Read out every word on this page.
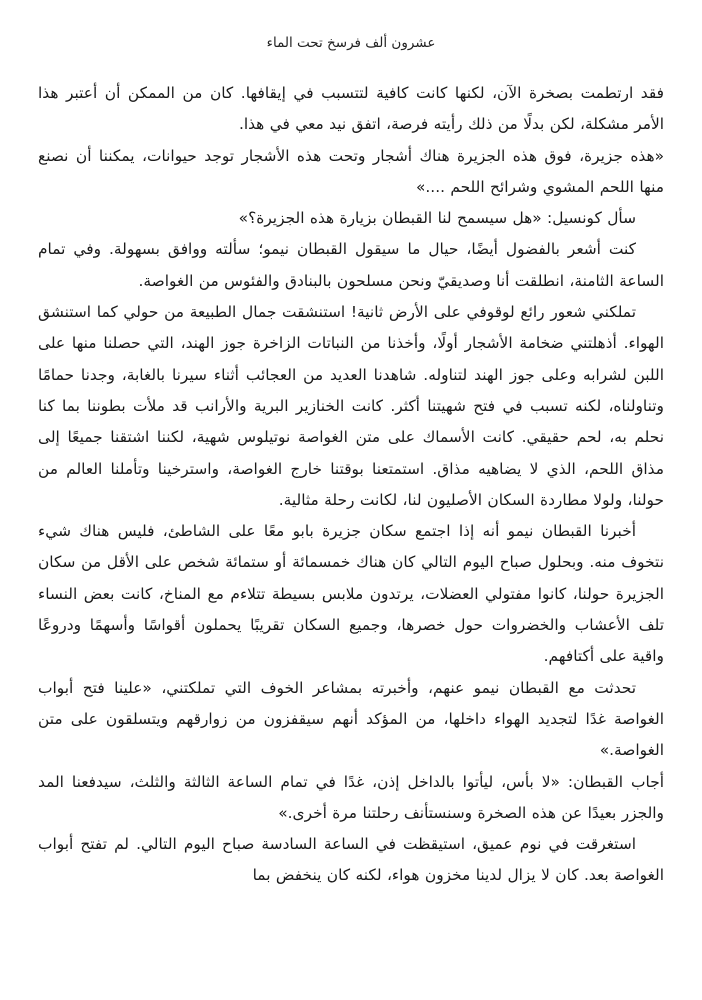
عشرون ألف فرسخ تحت الماء

فقد ارتطمت بصخرة الآن، لكنها كانت كافية لتتسبب في إيقافها. كان من الممكن أن أعتبر هذا الأمر مشكلة، لكن بدلًا من ذلك رأيته فرصة، اتفق نيد معي في هذا.

«هذه جزيرة، فوق هذه الجزيرة هناك أشجار وتحت هذه الأشجار توجد حيوانات، يمكننا أن نصنع منها اللحم المشوي وشرائح اللحم ....»

سأل كونسيل: «هل سيسمح لنا القبطان بزيارة هذه الجزيرة؟»

كنت أشعر بالفضول أيضًا، حيال ما سيقول القبطان نيمو؛ سألته ووافق بسهولة. وفي تمام الساعة الثامنة، انطلقت أنا وصديقيّ ونحن مسلحون بالبنادق والفئوس من الغواصة.

تملكني شعور رائع لوقوفي على الأرض ثانية! استنشقت جمال الطبيعة من حولي كما استنشق الهواء. أذهلتني ضخامة الأشجار أولًا، وأخذنا من النباتات الزاخرة جوز الهند، التي حصلنا منها على اللبن لشرابه وعلى جوز الهند لتناوله. شاهدنا العديد من العجائب أثناء سيرنا بالغابة، وجدنا حمامًا وتناولناه، لكنه تسبب في فتح شهيتنا أكثر. كانت الخنازير البرية والأرانب قد ملأت بطوننا بما كنا نحلم به، لحم حقيقي. كانت الأسماك على متن الغواصة نوتيلوس شهية، لكننا اشتقنا جميعًا إلى مذاق اللحم، الذي لا يضاهيه مذاق. استمتعنا بوقتنا خارج الغواصة، واسترخينا وتأملنا العالم من حولنا، ولولا مطاردة السكان الأصليون لنا، لكانت رحلة مثالية.

أخبرنا القبطان نيمو أنه إذا اجتمع سكان جزيرة بابو معًا على الشاطئ، فليس هناك شيء نتخوف منه. وبحلول صباح اليوم التالي كان هناك خمسمائة أو ستمائة شخص على الأقل من سكان الجزيرة حولنا، كانوا مفتولي العضلات، يرتدون ملابس بسيطة تتلاءم مع المناخ، كانت بعض النساء تلف الأعشاب والخضروات حول خصرها، وجميع السكان تقريبًا يحملون أقواسًا وأسهمًا ودروعًا واقية على أكتافهم.

تحدثت مع القبطان نيمو عنهم، وأخبرته بمشاعر الخوف التي تملكتني، «علينا فتح أبواب الغواصة غدًا لتجديد الهواء داخلها، من المؤكد أنهم سيقفزون من زوارقهم ويتسلقون على متن الغواصة.»

أجاب القبطان: «لا بأس، ليأتوا بالداخل إذن، غدًا في تمام الساعة الثالثة والثلث، سيدفعنا المد والجزر بعيدًا عن هذه الصخرة وسنستأنف رحلتنا مرة أخرى.»

استغرقت في نوم عميق، استيقظت في الساعة السادسة صباح اليوم التالي. لم تفتح أبواب الغواصة بعد. كان لا يزال لدينا مخزون هواء، لكنه كان ينخفض بما
